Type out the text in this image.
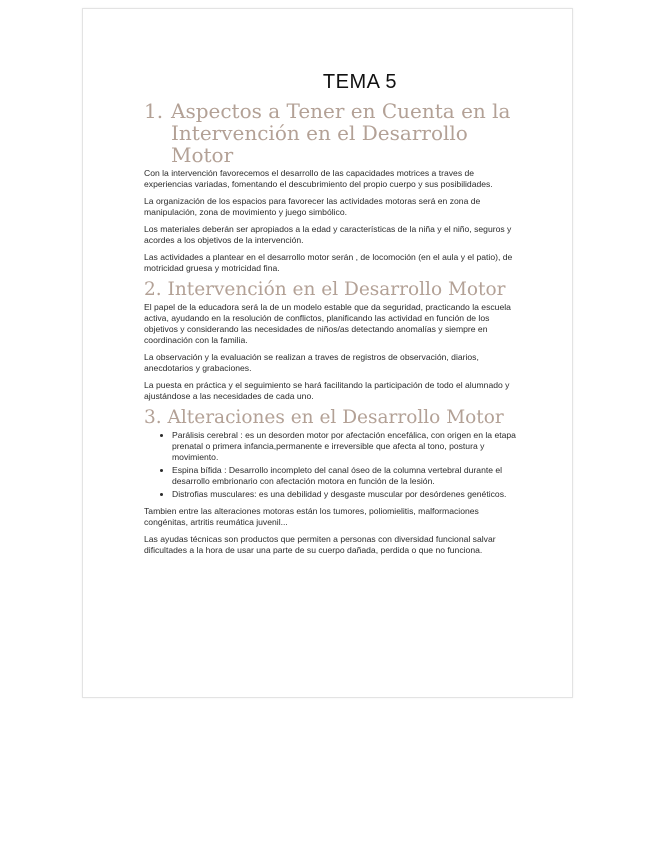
TEMA 5
1. Aspectos a Tener en Cuenta en la Intervención en el Desarrollo Motor

Con la intervención favorecemos el desarrollo de las capacidades motrices a traves de experiencias variadas, fomentando el descubrimiento del propio cuerpo y sus posibilidades.

La organización de los espacios para favorecer las actividades motoras será en zona de manipulación, zona de movimiento y juego simbólico.

Los materiales deberán ser apropiados a la edad y características de la niña y el niño, seguros y acordes a los objetivos de la intervención.

Las actividades a plantear en el desarrollo motor serán , de locomoción (en el aula y el patio), de motricidad gruesa y motricidad fina.

2. Intervención en el Desarrollo Motor

El papel de la educadora será la de un modelo estable que da seguridad, practicando la escuela activa, ayudando en la resolución de conflictos, planificando las actividad en función de los objetivos y considerando las necesidades de niños/as detectando anomalías y siempre en coordinación con la familia.

La observación y la evaluación se realizan a traves de registros de observación, diarios, anecdotarios y grabaciones.

La puesta en práctica y el seguimiento se hará facilitando la participación de todo el alumnado y ajustándose a las necesidades de cada uno.

3. Alteraciones en el Desarrollo Motor
• Parálisis cerebral : es un desorden motor por afectación encefálica, con origen en la etapa prenatal o primera infancia,permanente e irreversible que afecta al tono, postura y movimiento.
• Espina bífida : Desarrollo incompleto del canal óseo de la columna vertebral durante el desarrollo embrionario con afectación motora en función de la lesión.
• Distrofias musculares: es una debilidad y desgaste muscular por desórdenes genéticos.

Tambien entre las alteraciones motoras están los tumores, poliomielitis, malformaciones congénitas, artritis reumática juvenil...

Las ayudas técnicas son productos que permiten a personas con diversidad funcional salvar dificultades a la hora de usar una parte de su cuerpo dañada, perdida o que no funciona.
